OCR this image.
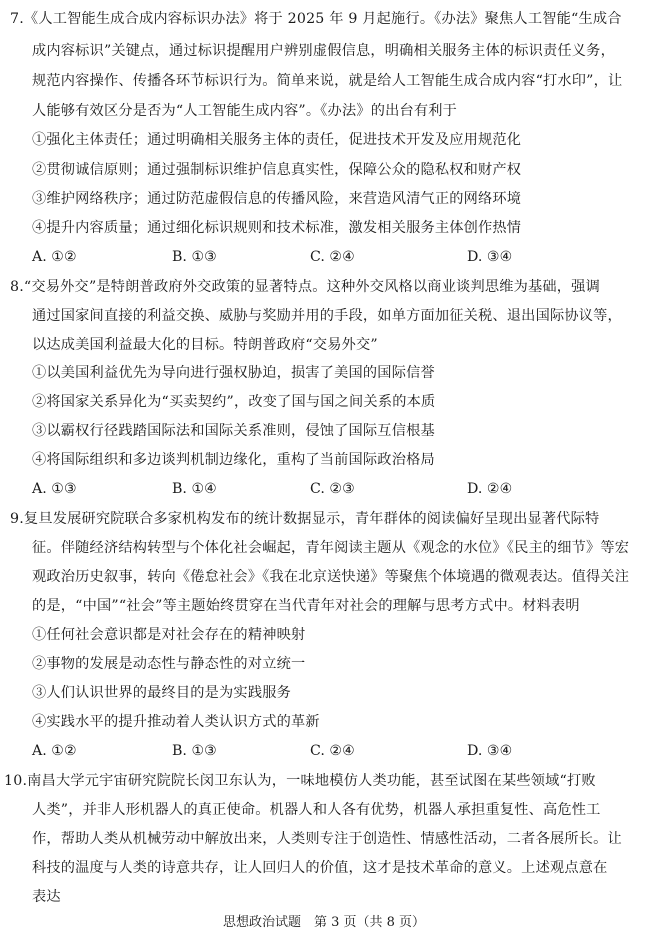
7.《人工智能生成合成内容标识办法》将于 2025 年 9 月起施行。《办法》聚焦人工智能“生成合
成内容标识”关键点，通过标识提醒用户辨别虚假信息，明确相关服务主体的标识责任义务，
规范内容操作、传播各环节标识行为。简单来说，就是给人工智能生成合成内容“打水印”，让
人能够有效区分是否为“人工智能生成内容”。《办法》的出台有利于
①强化主体责任；通过明确相关服务主体的责任，促进技术开发及应用规范化
②贯彻诚信原则；通过强制标识维护信息真实性，保障公众的隐私权和财产权
③维护网络秩序；通过防范虚假信息的传播风险，来营造风清气正的网络环境
④提升内容质量；通过细化标识规则和技术标准，激发相关服务主体创作热情
A. ①②	B. ①③	C. ②④	D. ③④
8.“交易外交”是特朗普政府外交政策的显著特点。这种外交风格以商业谈判思维为基础，强调
通过国家间直接的利益交换、威胁与奖励并用的手段，如单方面加征关税、退出国际协议等，
以达成美国利益最大化的目标。特朗普政府“交易外交”
①以美国利益优先为导向进行强权胁迫，损害了美国的国际信誉
②将国家关系异化为“买卖契约”，改变了国与国之间关系的本质
③以霸权行径践踏国际法和国际关系准则，侵蚀了国际互信根基
④将国际组织和多边谈判机制边缘化，重构了当前国际政治格局
A. ①③	B. ①④	C. ②③	D. ②④
9.复旦发展研究院联合多家机构发布的统计数据显示，青年群体的阅读偏好呈现出显著代际特
征。伴随经济结构转型与个体化社会崛起，青年阅读主题从《观念的水位》《民主的细节》等宏
观政治历史叙事，转向《倦怠社会》《我在北京送快递》等聚焦个体境遇的微观表达。值得关注
的是，“中国”“社会”等主题始终贯穿在当代青年对社会的理解与思考方式中。材料表明
①任何社会意识都是对社会存在的精神映射
②事物的发展是动态性与静态性的对立统一
③人们认识世界的最终目的是为实践服务
④实践水平的提升推动着人类认识方式的革新
A. ①②	B. ①③	C. ②④	D. ③④
10.南昌大学元宇宙研究院院长闵卫东认为，一味地模仿人类功能，甚至试图在某些领域“打败
人类”，并非人形机器人的真正使命。机器人和人各有优势，机器人承担重复性、高危性工
作，帮助人类从机械劳动中解放出来，人类则专注于创造性、情感性活动，二者各展所长。让
科技的温度与人类的诗意共存，让人回归人的价值，这才是技术革命的意义。上述观点意在
表达
思想政治试题　第 3 页（共 8 页）
